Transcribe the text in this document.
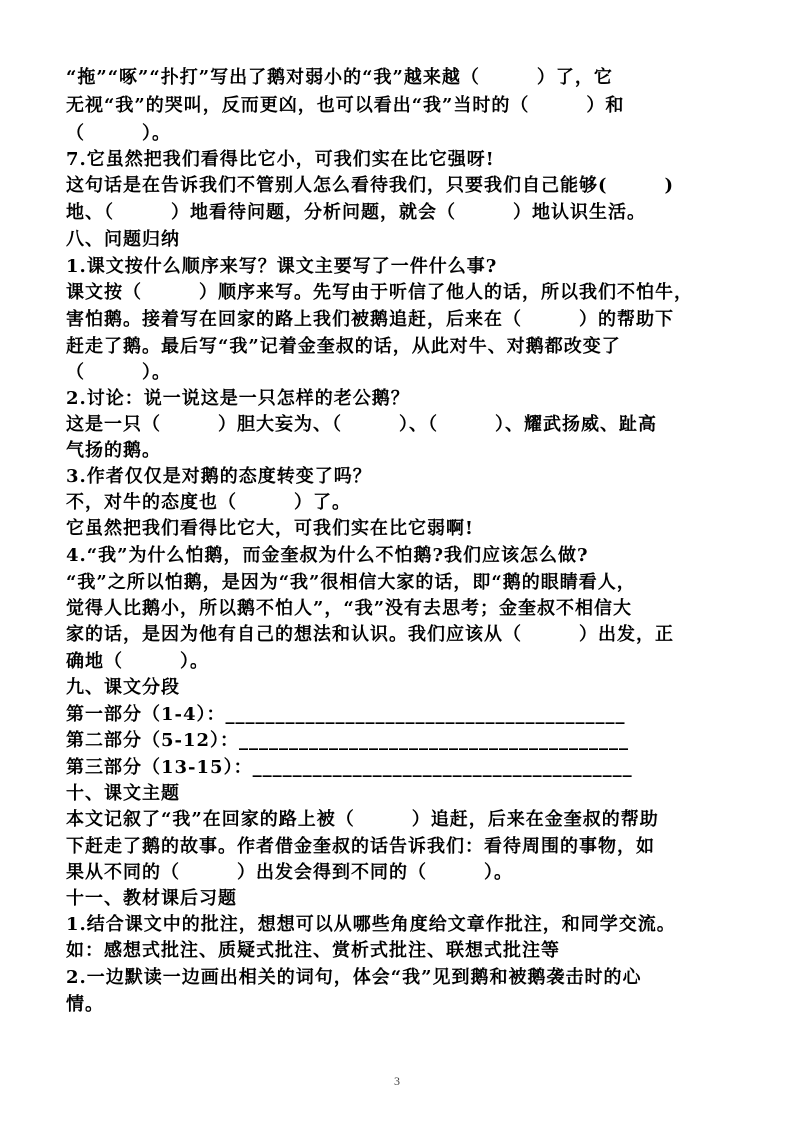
“拖”“啄”“扑打”写出了鹅对弱小的“我”越来越（　　　）了，它
无视“我”的哭叫，反而更凶，也可以看出“我”当时的（　　　）和
（　　　）。
7.它虽然把我们看得比它小，可我们实在比它强呀!
这句话是在告诉我们不管别人怎么看待我们，只要我们自己能够(　　　)
地、（　　　）地看待问题，分析问题，就会（　　　）地认识生活。
八、问题归纳
1.课文按什么顺序来写？课文主要写了一件什么事?
课文按（　　　）顺序来写。先写由于听信了他人的话，所以我们不怕牛，
害怕鹅。接着写在回家的路上我们被鹅追赶，后来在（　　　）的帮助下
赶走了鹅。最后写“我”记着金奎叔的话，从此对牛、对鹅都改变了
（　　　）。
2.讨论：说一说这是一只怎样的老公鹅？
这是一只（　　　）胆大妄为、（　　　）、（　　　）、耀武扬威、趾高
气扬的鹅。
3.作者仅仅是对鹅的态度转变了吗？
不，对牛的态度也（　　　）了。
它虽然把我们看得比它大，可我们实在比它弱啊!
4.“我”为什么怕鹅，而金奎叔为什么不怕鹅?我们应该怎么做?
“我”之所以怕鹅，是因为“我”很相信大家的话，即“鹅的眼睛看人，
觉得人比鹅小，所以鹅不怕人”，“我”没有去思考；金奎叔不相信大
家的话，是因为他有自己的想法和认识。我们应该从（　　　）出发，正
确地（　　　）。
九、课文分段
第一部分（1-4）：________________________________________
第二部分（5-12）：_______________________________________
第三部分（13-15）：______________________________________
十、课文主题
本文记叙了“我”在回家的路上被（　　　）追赶，后来在金奎叔的帮助
下赶走了鹅的故事。作者借金奎叔的话告诉我们：看待周围的事物，如
果从不同的（　　　）出发会得到不同的（　　　）。
十一、教材课后习题
1.结合课文中的批注，想想可以从哪些角度给文章作批注，和同学交流。
如：感想式批注、质疑式批注、赏析式批注、联想式批注等
2.一边默读一边画出相关的词句，体会“我”见到鹅和被鹅袭击时的心
情。
3
